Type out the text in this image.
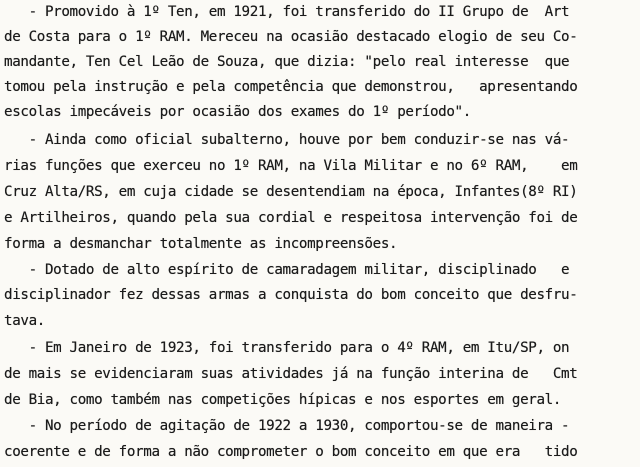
- Promovido à 1º Ten, em 1921, foi transferido do II Grupo de  Art
de Costa para o 1º RAM. Mereceu na ocasião destacado elogio de seu Co-
mandante, Ten Cel Leão de Souza, que dizia: "pelo real interesse  que
tomou pela instrução e pela competência que demonstrou,   apresentando
escolas impecáveis por ocasião dos exames do 1º período".
- Ainda como oficial subalterno, houve por bem conduzir-se nas vá-
rias funções que exerceu no 1º RAM, na Vila Militar e no 6º RAM,    em
Cruz Alta/RS, em cuja cidade se desentendiam na época, Infantes(8º RI)
e Artilheiros, quando pela sua cordial e respeitosa intervenção foi de
forma a desmanchar totalmente as incompreensões.
- Dotado de alto espírito de camaradagem militar, disciplinado   e
disciplinador fez dessas armas a conquista do bom conceito que desfru-
tava.
- Em Janeiro de 1923, foi transferido para o 4º RAM, em Itu/SP, on
de mais se evidenciaram suas atividades já na função interina de   Cmt
de Bia, como também nas competições hípicas e nos esportes em geral.
- No período de agitação de 1922 a 1930, comportou-se de maneira -
coerente e de forma a não comprometer o bom conceito em que era   tido
